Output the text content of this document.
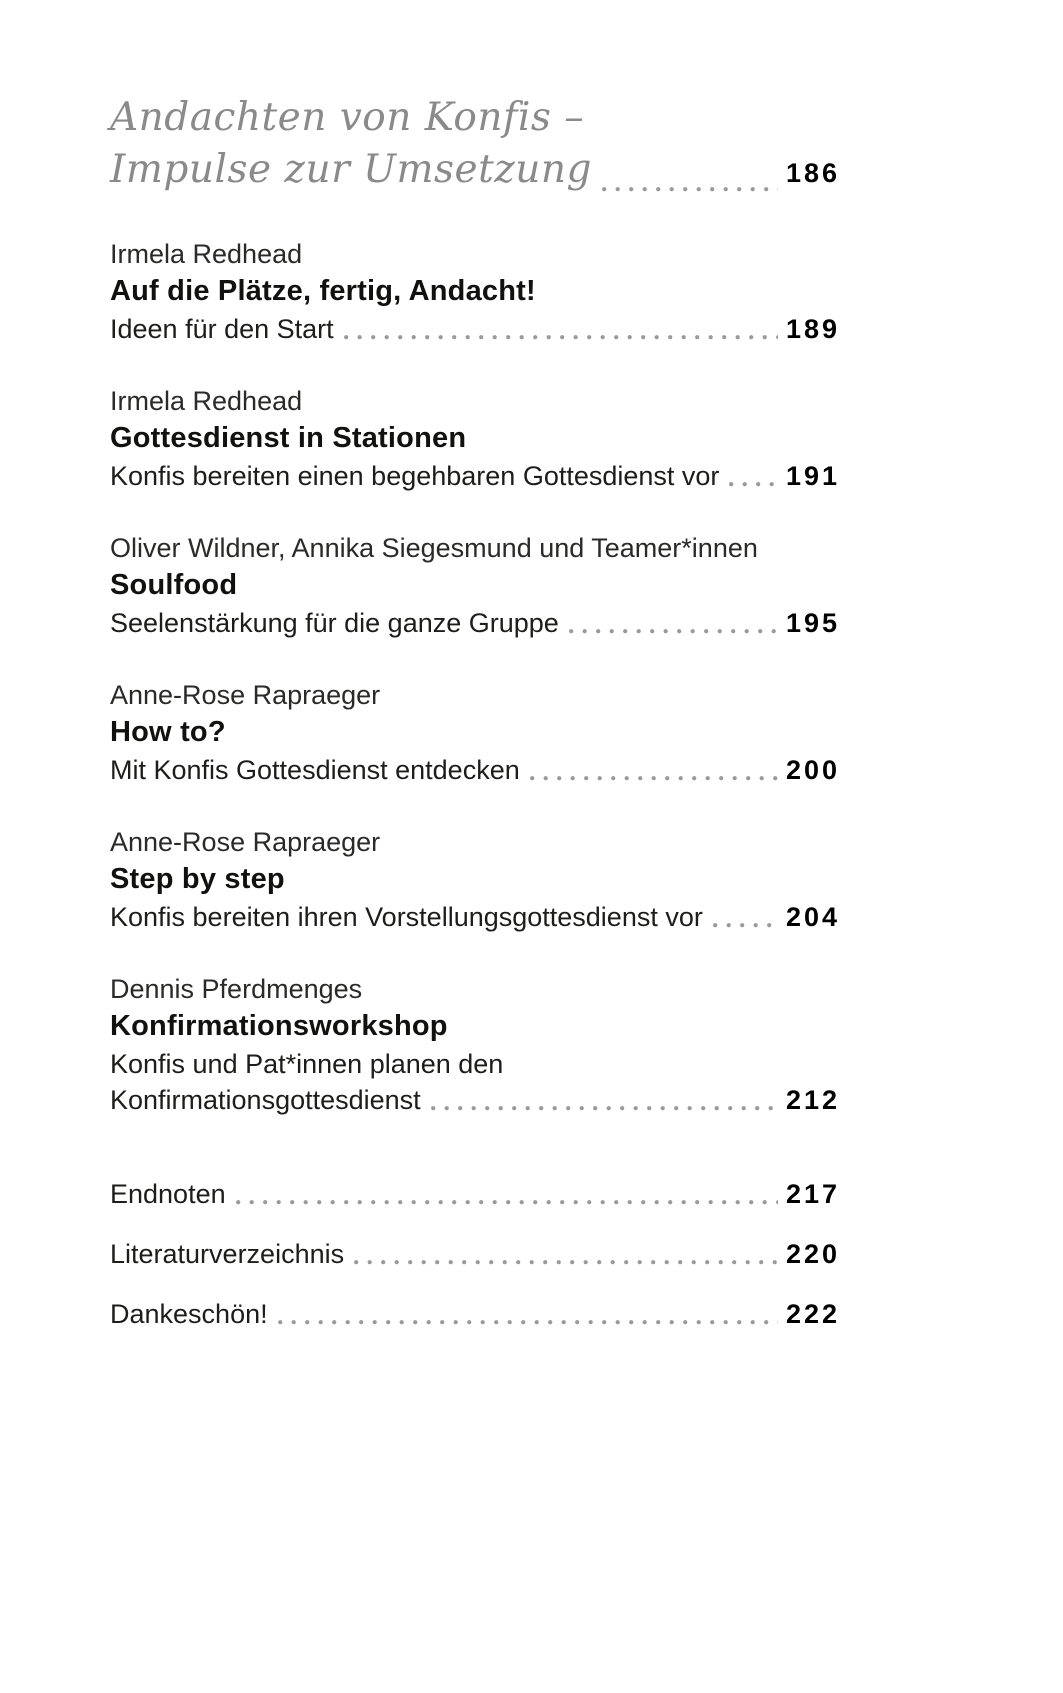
Andachten von Konfis –
Impulse zur Umsetzung	186
Irmela Redhead
Auf die Plätze, fertig, Andacht!
Ideen für den Start	189
Irmela Redhead
Gottesdienst in Stationen
Konfis bereiten einen begehbaren Gottesdienst vor 191
Oliver Wildner, Annika Siegesmund und Teamer*innen
Soulfood
Seelenstärkung für die ganze Gruppe	195
Anne-Rose Rapraeger
How to?
Mit Konfis Gottesdienst entdecken	200
Anne-Rose Rapraeger
Step by step
Konfis bereiten ihren Vorstellungsgottesdienst vor	204
Dennis Pferdmenges
Konfirmationsworkshop
Konfis und Pat*innen planen den
Konfirmationsgottesdienst	212
Endnoten	217
Literaturverzeichnis	220
Dankeschön!	222
